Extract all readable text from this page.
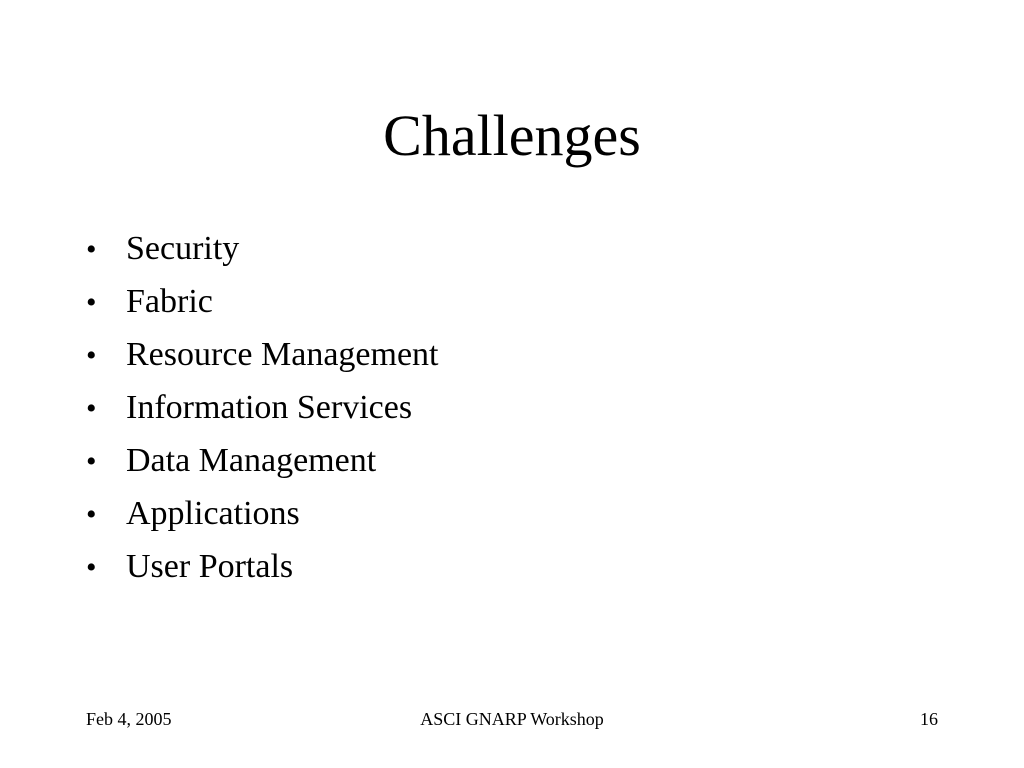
Challenges
• Security
• Fabric
• Resource Management
• Information Services
• Data Management
• Applications
• User Portals
Feb 4, 2005	ASCI GNARP Workshop	16
